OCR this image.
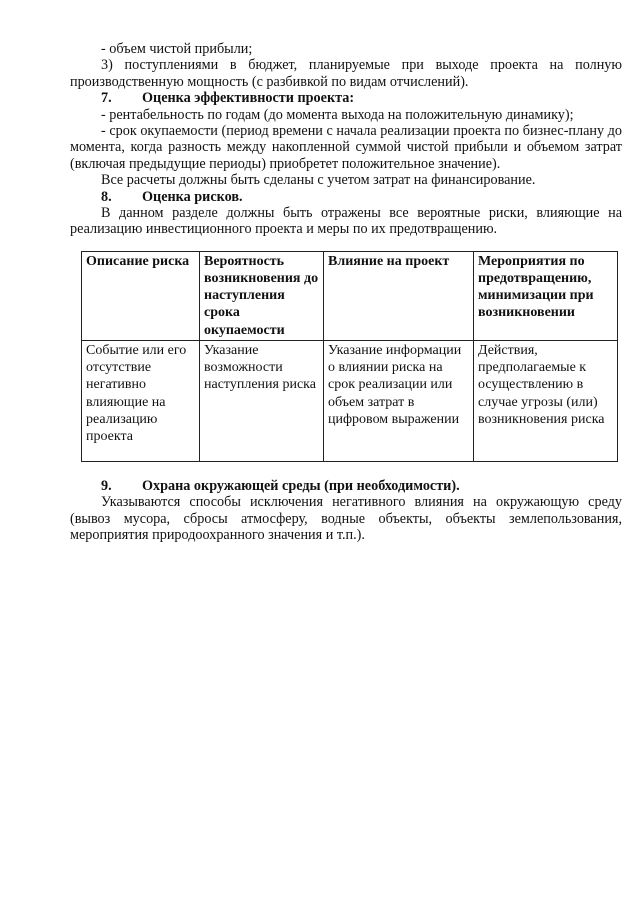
- объем чистой прибыли;

3) поступлениями в бюджет, планируемые при выходе проекта на полную производственную мощность (с разбивкой по видам отчислений).

7. Оценка эффективности проекта:

- рентабельность по годам (до момента выхода на положительную динамику);

- срок окупаемости (период времени с начала реализации проекта по бизнес-плану до момента, когда разность между накопленной суммой чистой прибыли и объемом затрат (включая предыдущие периоды) приобретет положительное значение).

Все расчеты должны быть сделаны с учетом затрат на финансирование.

8. Оценка рисков.

В данном разделе должны быть отражены все вероятные риски, влияющие на реализацию инвестиционного проекта и меры по их предотвращению.

Описание риска	Вероятность возникновения до наступления срока окупаемости	Влияние на проект	Мероприятия по предотвращению, минимизации при возникновении
Событие или его отсутствие негативно влияющие на реализацию проекта	Указание возможности наступления риска	Указание информации о влиянии риска на срок реализации или объем затрат в цифровом выражении	Действия, предполагаемые к осуществлению в случае угрозы (или) возникновения риска
9. Охрана окружающей среды (при необходимости).

Указываются способы исключения негативного влияния на окружающую среду (вывоз мусора, сбросы атмосферу, водные объекты, объекты землепользования, мероприятия природоохранного значения и т.п.).
